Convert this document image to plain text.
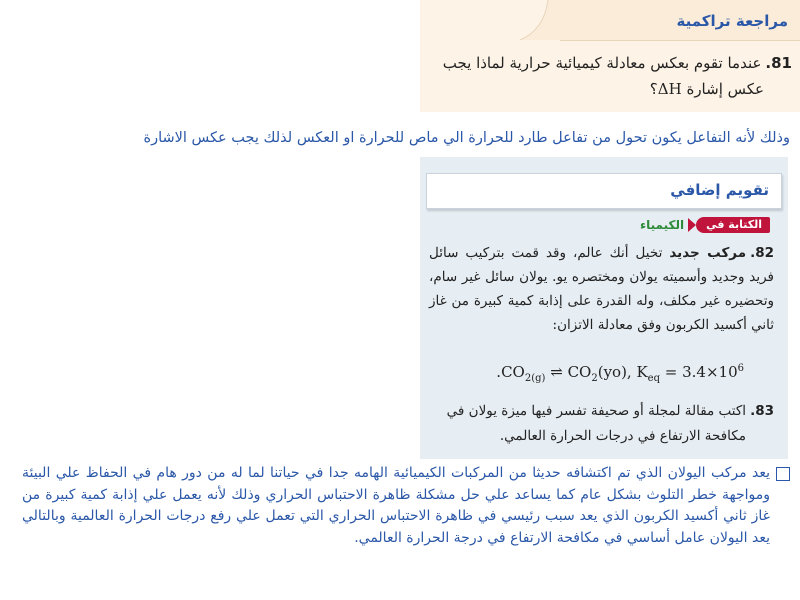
مراجعة تراكمية
81.عندما تقوم بعكس معادلة كيميائية حرارية لماذا يجب
عكس إشارة ΔH؟
وذلك لأنه التفاعل يكون تحول من تفاعل طارد للحرارة الي ماص للحرارة او العكس لذلك يجب عكس الاشارة
تقويم إضافي
الكتابة في
الكيمياء
82.مركب جديد تخيل أنك عالم، وقد قمت بتركيب سائل فريد وجديد وأسميته يولان ومختصره يو. يولان سائل غير سام، وتحضيره غير مكلف، وله القدرة على إذابة كمية كبيرة من غاز ثاني أكسيد الكربون وفق معادلة الاتزان:
$.CO_{2(g)}$ ⇌ $CO_2(yo)$, $K_{eq} = 3.4\times 10^6$
83.اكتب مقالة لمجلة أو صحيفة تفسر فيها ميزة يولان في
مكافحة الارتفاع في درجات الحرارة العالمي.
يعد مركب اليولان الذي تم اكتشافه حديثا من المركبات الكيميائية الهامه جدا في حياتنا لما له من دور هام في الحفاظ علي البيئة ومواجهة خطر التلوث بشكل عام كما يساعد علي حل مشكلة ظاهرة الاحتباس الحراري وذلك لأنه يعمل علي إذابة كمية كبيرة من غاز ثاني أكسيد الكربون الذي يعد سبب رئيسي في ظاهرة الاحتباس الحراري التي تعمل علي رفع درجات الحرارة العالمية وبالتالي يعد اليولان عامل أساسي في مكافحة الارتفاع في درجة الحرارة العالمي.
